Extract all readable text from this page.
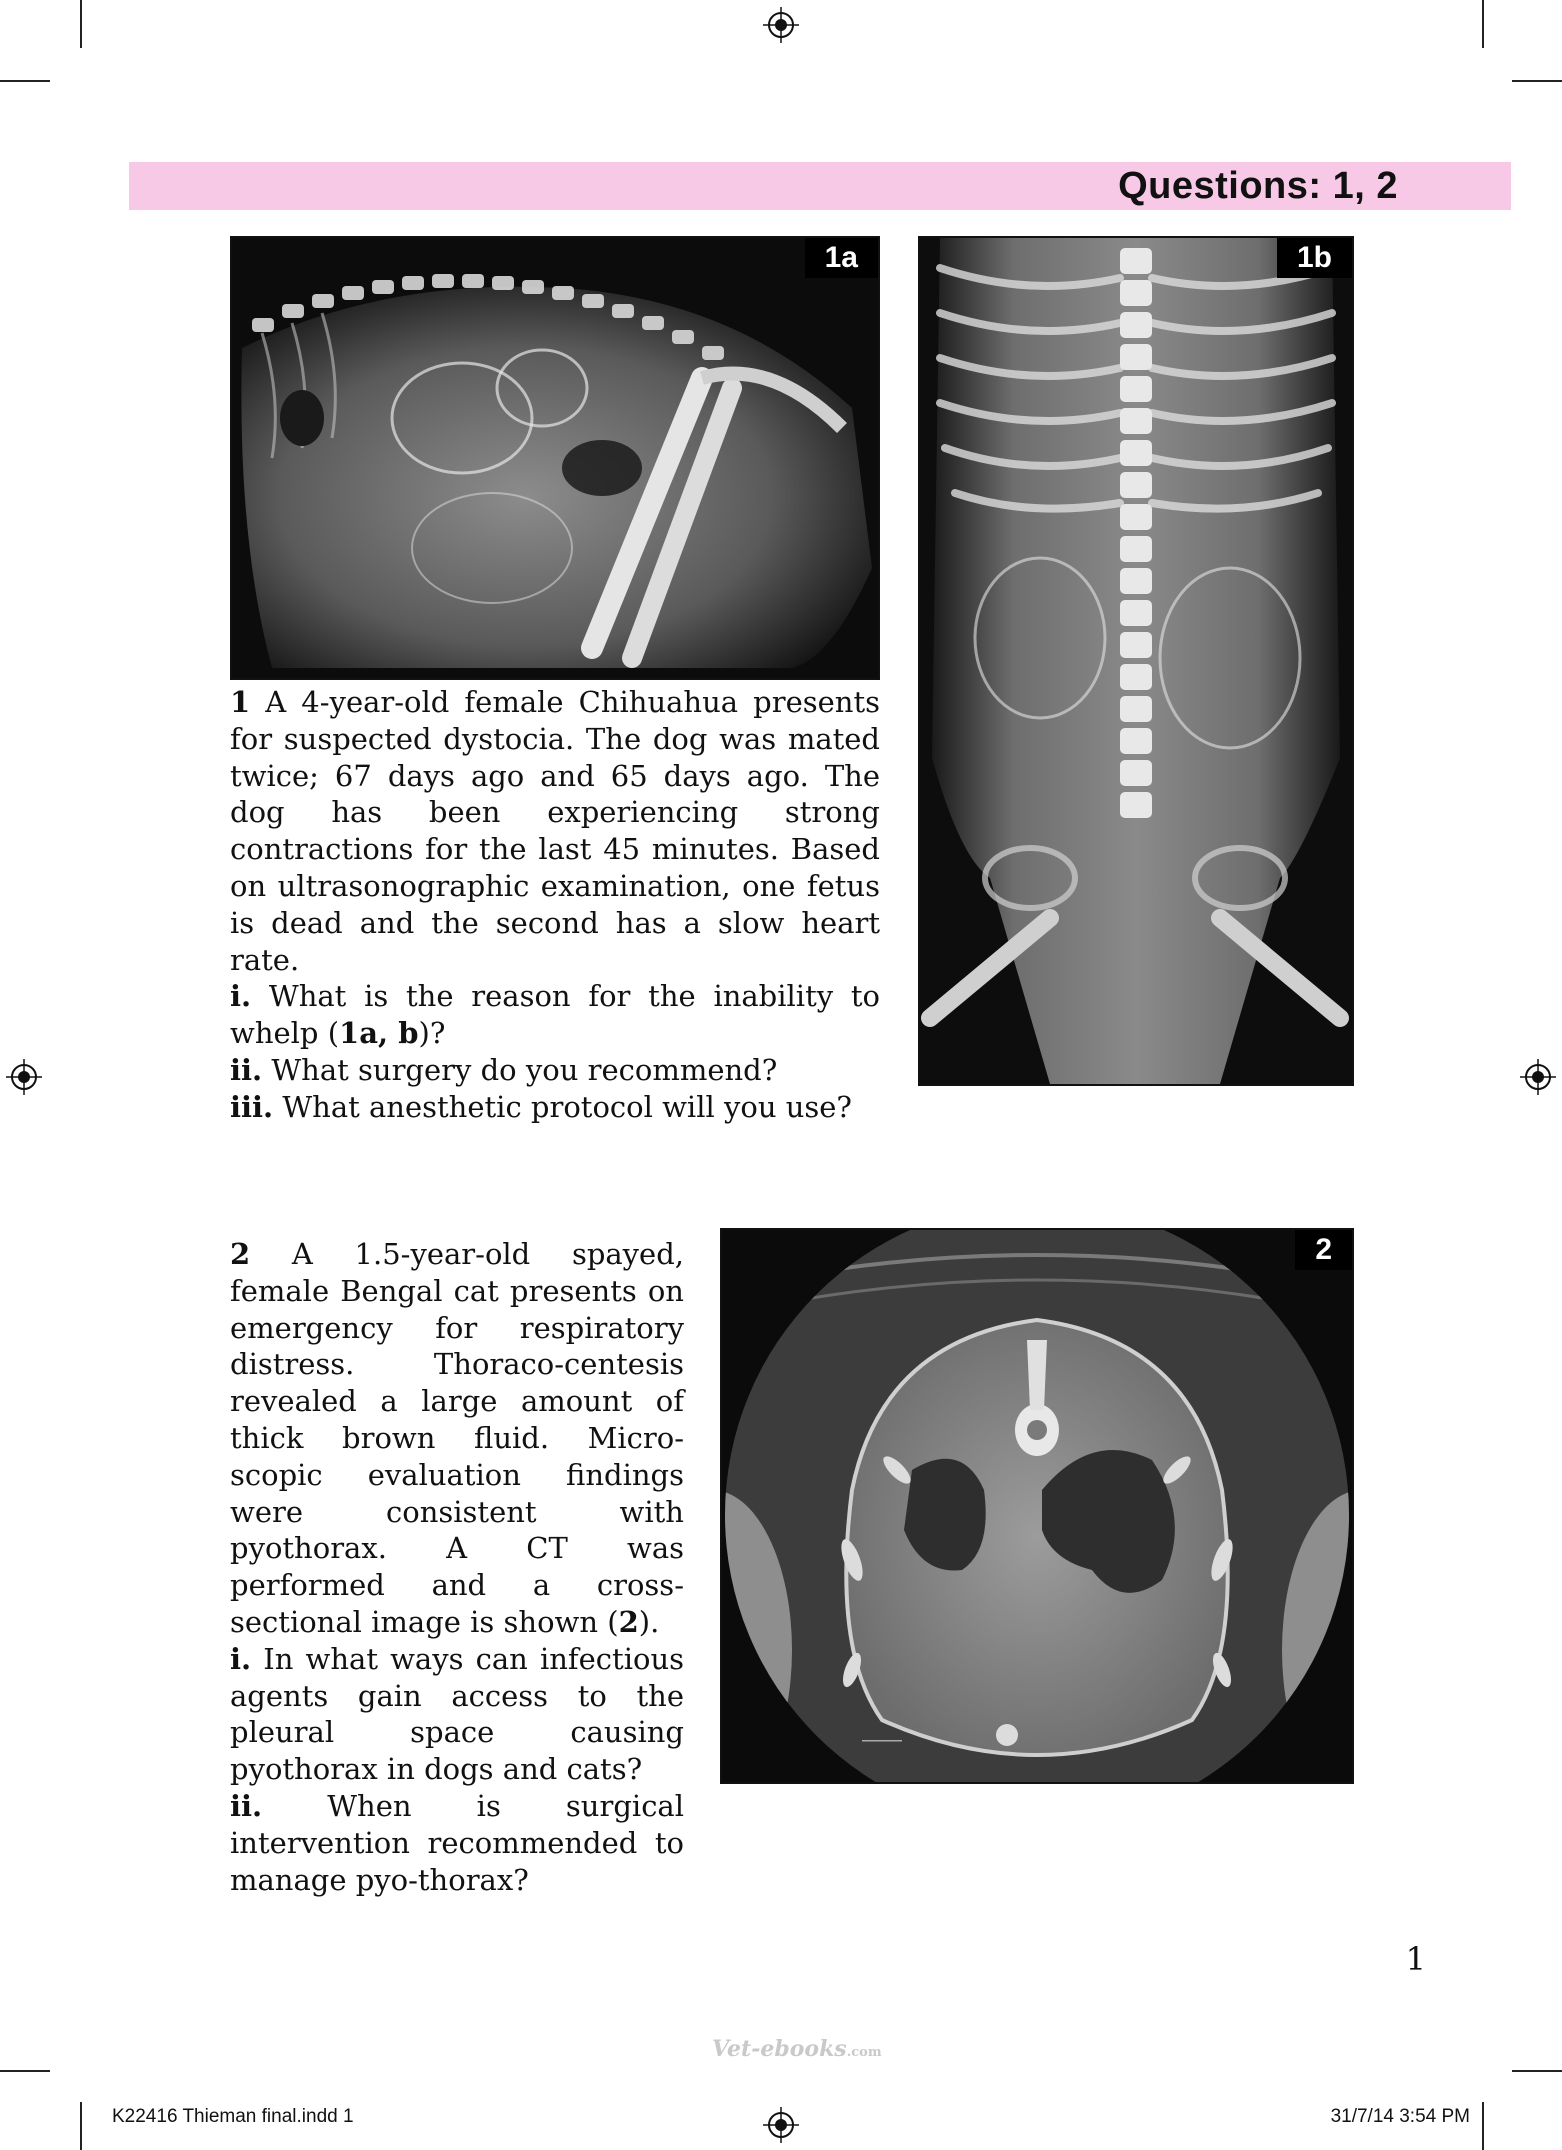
Questions: 1, 2
1a	1b

1 A 4-year-old female Chihuahua presents for suspected dystocia. The dog was mated twice; 67 days ago and 65 days ago. The dog has been experiencing strong contractions for the last 45 minutes. Based on ultrasonographic examination, one fetus is dead and the second has a slow heart rate.

i. What is the reason for the inability to whelp (1a, b)?

ii. What surgery do you recommend?

iii. What anesthetic protocol will you use?

2

2 A 1.5-year-old spayed, female Bengal cat presents on emergency for respiratory distress. Thoraco-centesis revealed a large amount of thick brown fluid. Micro-scopic evaluation findings were consistent with pyothorax. A CT was performed and a cross-sectional image is shown (2).

i. In what ways can infectious agents gain access to the pleural space causing pyothorax in dogs and cats?

ii. When is surgical intervention recommended to manage pyo-thorax?

1
Vet-ebooks.com
K22416 Thieman final.indd 1	31/7/14 3:54 PM
